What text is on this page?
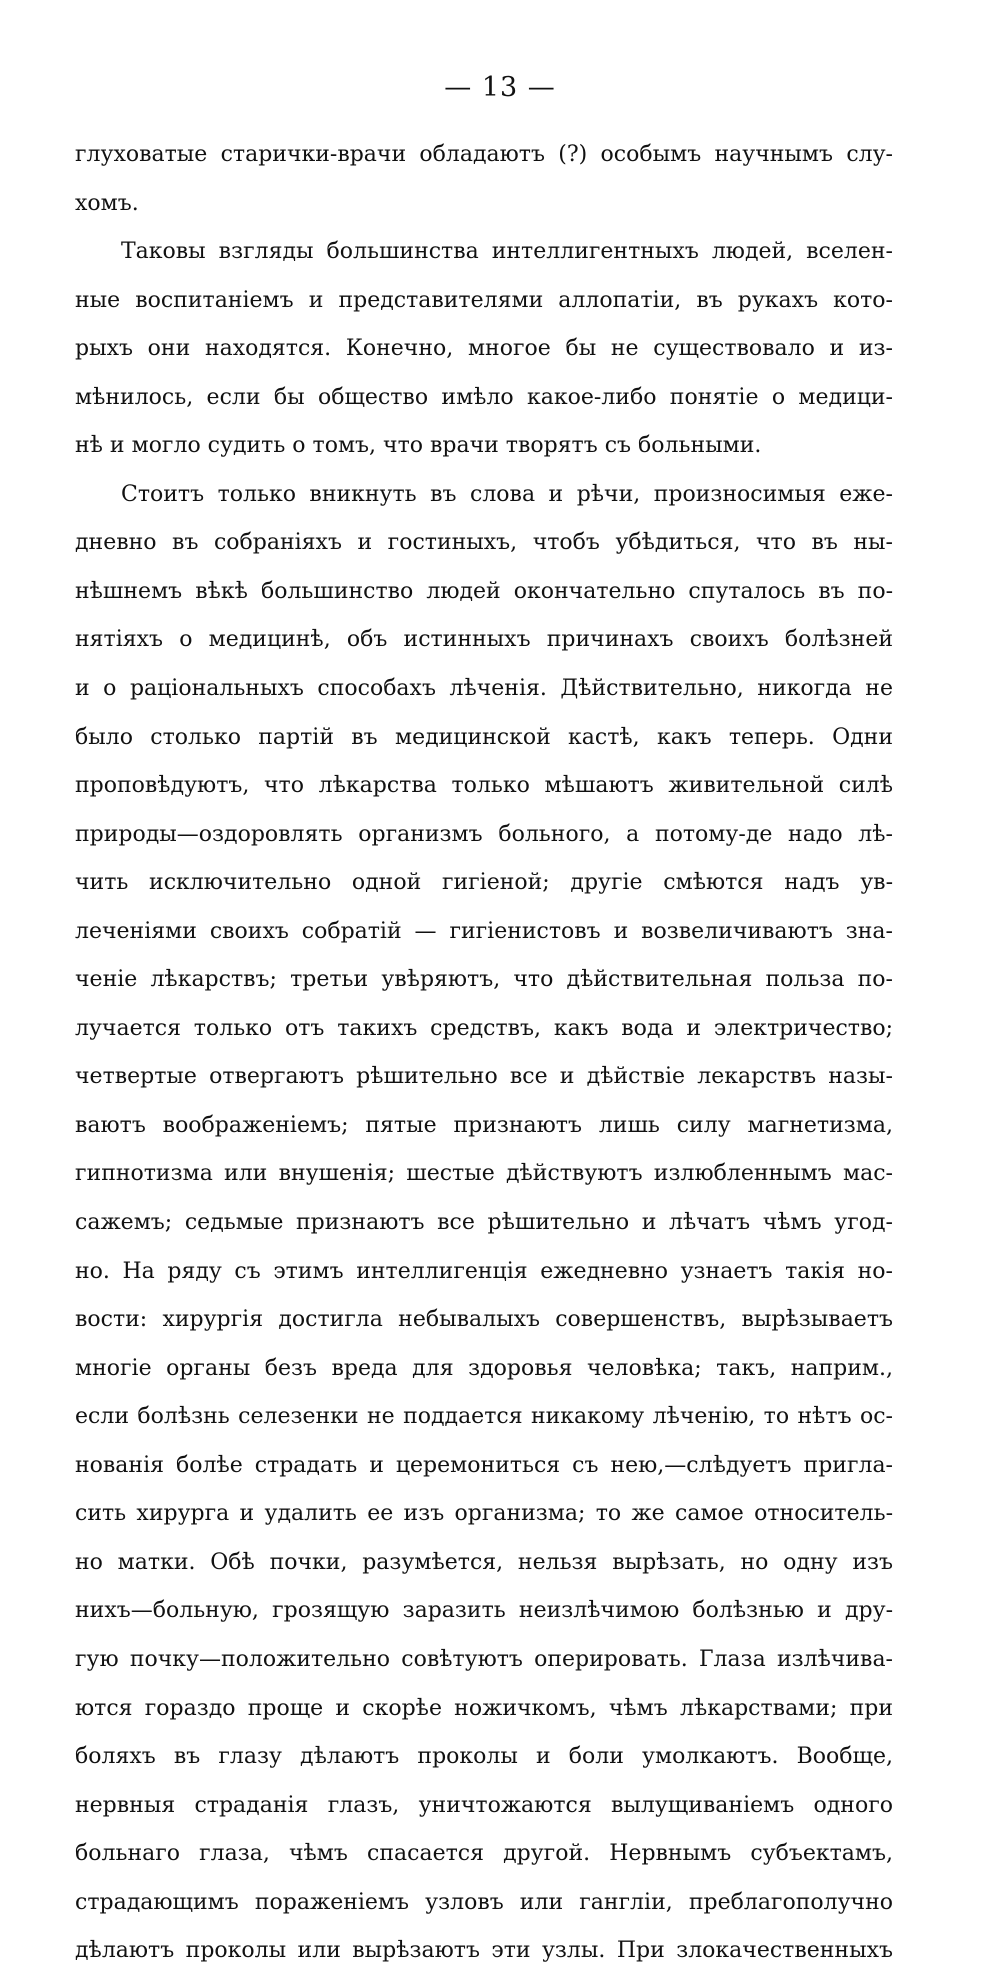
— 13 —
глуховатые старички-врачи обладаютъ (?) особымъ научнымъ слу-
хомъ.
Таковы взгляды большинства интеллигентныхъ людей, вселен-
ные воспитаніемъ и представителями аллопатіи, въ рукахъ кото-
рыхъ они находятся. Конечно, многое бы не существовало и из-
мѣнилось, если бы общество имѣло какое-либо понятіе о медици-
нѣ и могло судить о томъ, что врачи творятъ съ больными.
Стоитъ только вникнуть въ слова и рѣчи, произносимыя еже-
дневно въ собраніяхъ и гостиныхъ, чтобъ убѣдиться, что въ ны-
нѣшнемъ вѣкѣ большинство людей окончательно спуталось въ по-
нятіяхъ о медицинѣ, объ истинныхъ причинахъ своихъ болѣзней
и о раціональныхъ способахъ лѣченія. Дѣйствительно, никогда не
было столько партій въ медицинской кастѣ, какъ теперь. Одни
проповѣдуютъ, что лѣкарства только мѣшаютъ живительной силѣ
природы—оздоровлять организмъ больного, а потому-де надо лѣ-
чить исключительно одной гигіеной; другіе смѣются надъ ув-
леченіями своихъ собратій — гигіенистовъ и возвеличиваютъ зна-
ченіе лѣкарствъ; третьи увѣряютъ, что дѣйствительная польза по-
лучается только отъ такихъ средствъ, какъ вода и электричество;
четвертые отвергаютъ рѣшительно все и дѣйствіе лекарствъ назы-
ваютъ воображеніемъ; пятые признаютъ лишь силу магнетизма,
гипнотизма или внушенія; шестые дѣйствуютъ излюбленнымъ мас-
сажемъ; седьмые признаютъ все рѣшительно и лѣчатъ чѣмъ угод-
но. На ряду съ этимъ интеллигенція ежедневно узнаетъ такія но-
вости: хирургія достигла небывалыхъ совершенствъ, вырѣзываетъ
многіе органы безъ вреда для здоровья человѣка; такъ, наприм.,
если болѣзнь селезенки не поддается никакому лѣченію, то нѣтъ ос-
нованія болѣе страдать и церемониться съ нею,—слѣдуетъ пригла-
сить хирурга и удалить ее изъ организма; то же самое относитель-
но матки. Обѣ почки, разумѣется, нельзя вырѣзать, но одну изъ
нихъ—больную, грозящую заразить неизлѣчимою болѣзнью и дру-
гую почку—положительно совѣтуютъ оперировать. Глаза излѣчива-
ются гораздо проще и скорѣе ножичкомъ, чѣмъ лѣкарствами; при
боляхъ въ глазу дѣлаютъ проколы и боли умолкаютъ. Вообще,
нервныя страданія глазъ, уничтожаются вылущиваніемъ одного
больнаго глаза, чѣмъ спасается другой. Нервнымъ субъектамъ,
страдающимъ пораженіемъ узловъ или гангліи, преблагополучно
дѣлаютъ проколы или вырѣзаютъ эти узлы. При злокачественныхъ
